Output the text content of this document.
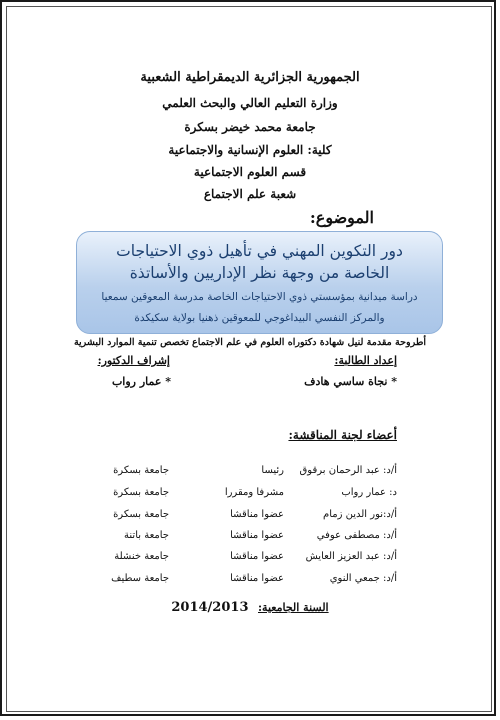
الجمهورية الجزائرية الديمقراطية الشعبية
وزارة التعليم العالي والبحث العلمي
جامعة محمد خيضر بسكرة
كلية: العلوم الإنسانية والاجتماعية
قسم العلوم الاجتماعية
شعبة علم الاجتماع
الموضوع:
دور التكوين المهني في تأهيل ذوي الاحتياجات
الخاصة من وجهة نظر الإداريين والأساتذة
دراسة ميدانية بمؤسستي ذوي الاحتياجات الخاصة مدرسة المعوقين سمعيا
والمركز النفسي البيداغوجي للمعوقين ذهنيا بولاية سكيكدة
أطروحة مقدمة لنيل شهادة دكتوراه العلوم في علم الاجتماع تخصص تنمية الموارد البشرية
إعداد الطالبة:
إشراف الدكتور:
* نجاة ساسي هادف
* عمار رواب
أعضاء لجنة المناقشة:
أ/د: عبد الرحمان برقوق
رئيسا
جامعة بسكرة
د: عمار رواب
مشرفا ومقررا
جامعة بسكرة
أ/د:نور الدين زمام
عضوا مناقشا
جامعة بسكرة
أ/د: مصطفى عوفي
عضوا مناقشا
جامعة باتنة
أ/د: عبد العزيز العايش
عضوا مناقشا
جامعة خنشلة
أ/د: جمعي النوي
عضوا مناقشا
جامعة سطيف
السنة الجامعية: 2014/2013
